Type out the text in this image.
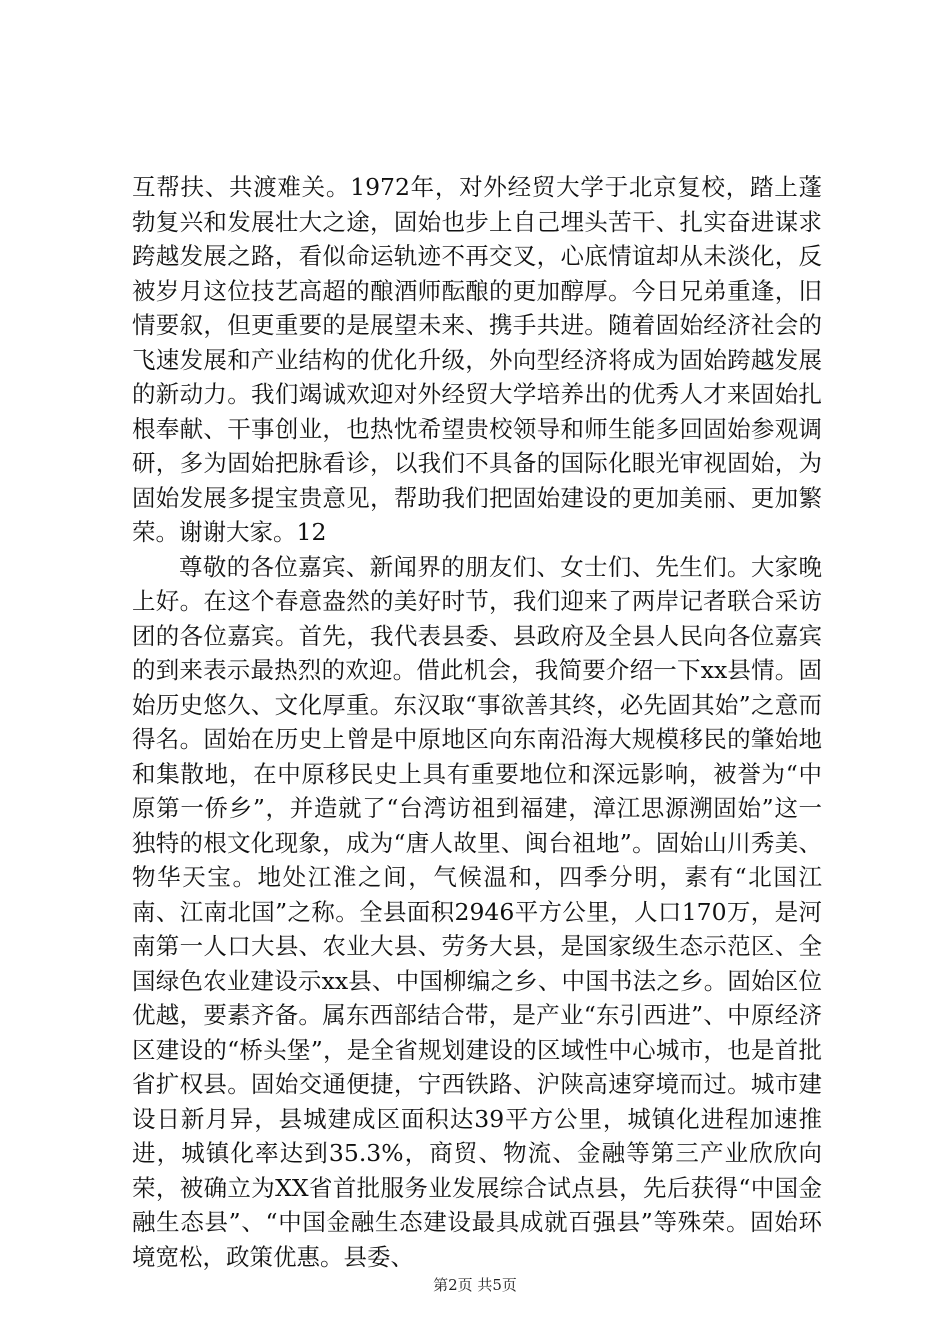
互帮扶、共渡难关。1972年，对外经贸大学于北京复校，踏上蓬勃复兴和发展壮大之途，固始也步上自己埋头苦干、扎实奋进谋求跨越发展之路，看似命运轨迹不再交叉，心底情谊却从未淡化，反被岁月这位技艺高超的酿酒师酝酿的更加醇厚。今日兄弟重逢，旧情要叙，但更重要的是展望未来、携手共进。随着固始经济社会的飞速发展和产业结构的优化升级，外向型经济将成为固始跨越发展的新动力。我们竭诚欢迎对外经贸大学培养出的优秀人才来固始扎根奉献、干事创业，也热忱希望贵校领导和师生能多回固始参观调研，多为固始把脉看诊，以我们不具备的国际化眼光审视固始，为固始发展多提宝贵意见，帮助我们把固始建设的更加美丽、更加繁荣。谢谢大家。12

尊敬的各位嘉宾、新闻界的朋友们、女士们、先生们。大家晚上好。在这个春意盎然的美好时节，我们迎来了两岸记者联合采访团的各位嘉宾。首先，我代表县委、县政府及全县人民向各位嘉宾的到来表示最热烈的欢迎。借此机会，我简要介绍一下xx县情。固始历史悠久、文化厚重。东汉取“事欲善其终，必先固其始”之意而得名。固始在历史上曾是中原地区向东南沿海大规模移民的肇始地和集散地，在中原移民史上具有重要地位和深远影响，被誉为“中原第一侨乡”，并造就了“台湾访祖到福建，漳江思源溯固始”这一独特的根文化现象，成为“唐人故里、闽台祖地”。固始山川秀美、物华天宝。地处江淮之间，气候温和，四季分明，素有“北国江南、江南北国”之称。全县面积2946平方公里，人口170万，是河南第一人口大县、农业大县、劳务大县，是国家级生态示范区、全国绿色农业建设示xx县、中国柳编之乡、中国书法之乡。固始区位优越，要素齐备。属东西部结合带，是产业“东引西进”、中原经济区建设的“桥头堡”，是全省规划建设的区域性中心城市，也是首批省扩权县。固始交通便捷，宁西铁路、沪陕高速穿境而过。城市建设日新月异，县城建成区面积达39平方公里，城镇化进程加速推进，城镇化率达到35.3%，商贸、物流、金融等第三产业欣欣向荣，被确立为XX省首批服务业发展综合试点县，先后获得“中国金融生态县”、“中国金融生态建设最具成就百强县”等殊荣。固始环境宽松，政策优惠。县委、

第2页 共5页
